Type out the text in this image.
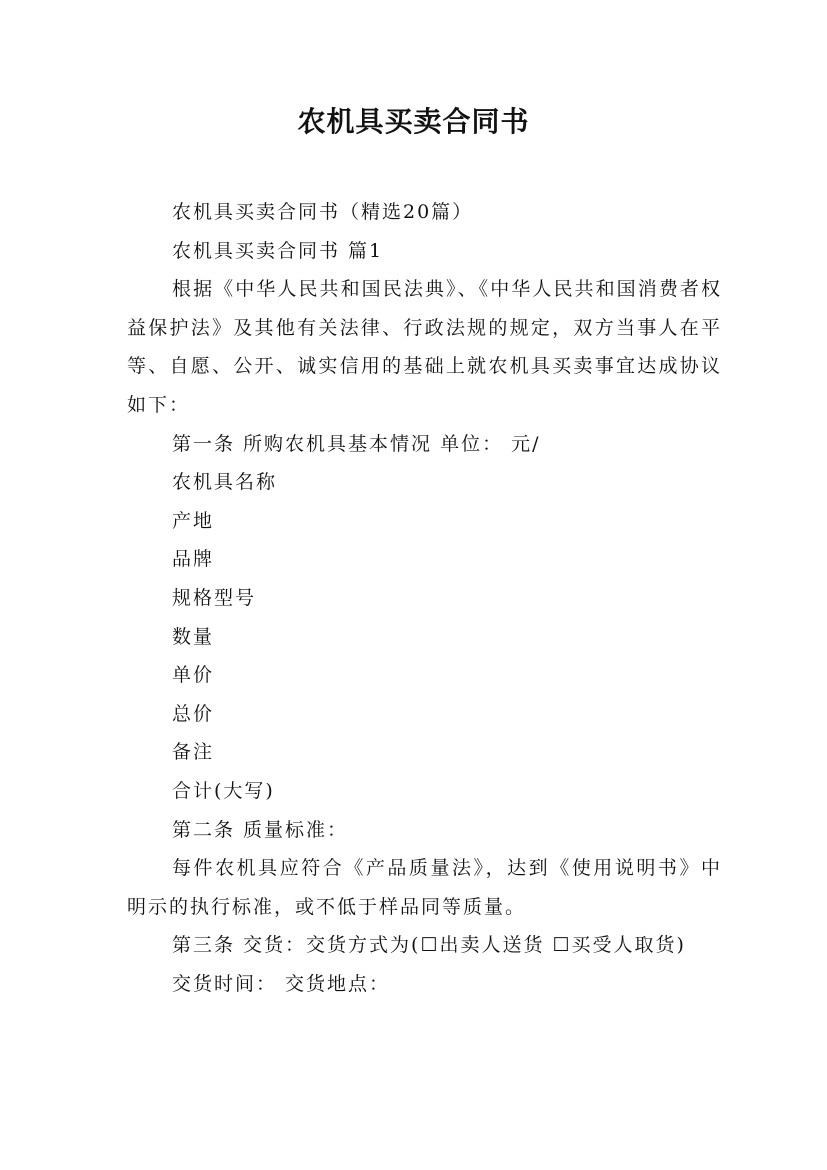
农机具买卖合同书

农机具买卖合同书（精选20篇）

农机具买卖合同书 篇1

根据《中华人民共和国民法典》、《中华人民共和国消费者权益保护法》及其他有关法律、行政法规的规定，双方当事人在平等、自愿、公开、诚实信用的基础上就农机具买卖事宜达成协议如下：

第一条 所购农机具基本情况 单位： 元/

农机具名称

产地

品牌

规格型号

数量

单价

总价

备注

合计(大写)

第二条 质量标准：

每件农机具应符合《产品质量法》，达到《使用说明书》中明示的执行标准，或不低于样品同等质量。

第三条 交货：交货方式为(☐出卖人送货 ☐买受人取货)

交货时间： 交货地点：
